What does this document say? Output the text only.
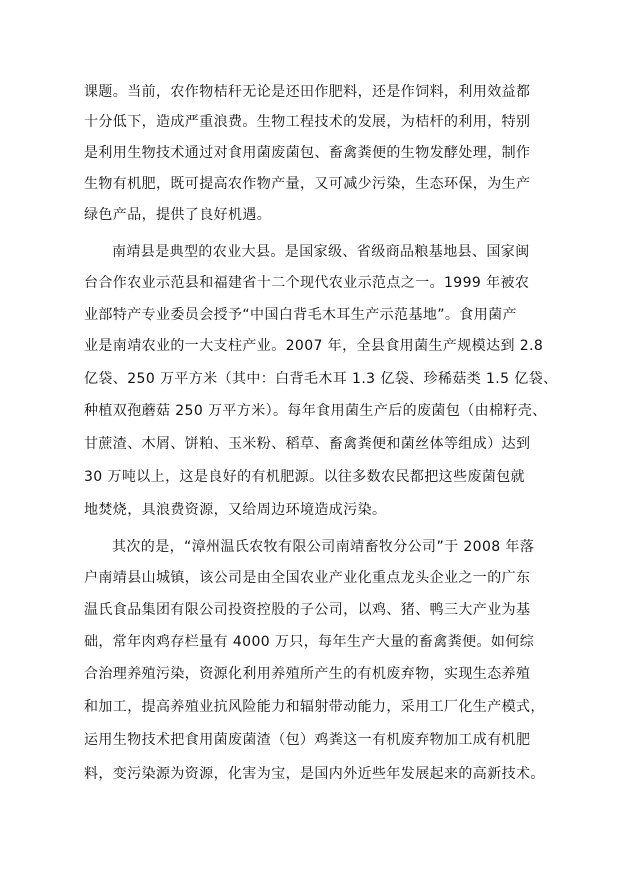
课题。当前，农作物桔秆无论是还田作肥料，还是作饲料，利用效益都
十分低下，造成严重浪费。生物工程技术的发展，为桔杆的利用，特别
是利用生物技术通过对食用菌废菌包、畜禽粪便的生物发酵处理，制作
生物有机肥，既可提高农作物产量，又可减少污染，生态环保，为生产
绿色产品，提供了良好机遇。
南靖县是典型的农业大县。是国家级、省级商品粮基地县、国家闽
台合作农业示范县和福建省十二个现代农业示范点之一。1999 年被农
业部特产专业委员会授予“中国白背毛木耳生产示范基地”。食用菌产
业是南靖农业的一大支柱产业。2007 年，全县食用菌生产规模达到 2.8
亿袋、250 万平方米（其中：白背毛木耳 1.3 亿袋、珍稀菇类 1.5 亿袋、
种植双孢蘑菇 250 万平方米）。每年食用菌生产后的废菌包（由棉籽壳、
甘蔗渣、木屑、饼粕、玉米粉、稻草、畜禽粪便和菌丝体等组成）达到
30 万吨以上，这是良好的有机肥源。以往多数农民都把这些废菌包就
地焚烧，具浪费资源，又给周边环境造成污染。
其次的是，“漳州温氏农牧有限公司南靖畜牧分公司”于 2008 年落
户南靖县山城镇，该公司是由全国农业产业化重点龙头企业之一的广东
温氏食品集团有限公司投资控股的子公司，以鸡、猪、鸭三大产业为基
础，常年肉鸡存栏量有 4000 万只，每年生产大量的畜禽粪便。如何综
合治理养殖污染，资源化利用养殖所产生的有机废弃物，实现生态养殖
和加工，提高养殖业抗风险能力和辐射带动能力，采用工厂化生产模式，
运用生物技术把食用菌废菌渣（包）鸡粪这一有机废弃物加工成有机肥
料，变污染源为资源，化害为宝，是国内外近些年发展起来的高新技术。
